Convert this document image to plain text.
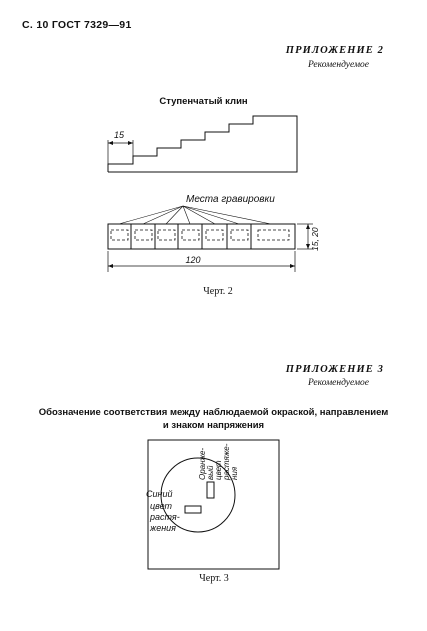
С. 10 ГОСТ 7329—91
ПРИЛОЖЕНИЕ 2
Рекомендуемое
Ступенчатый клин
15
Места гравировки
120
15, 20
Оранже- вый цвет растяже- ния
Синий
цвет
растя-
жения
Черт. 2
ПРИЛОЖЕНИЕ 3
Рекомендуемое
Обозначение соответствия между наблюдаемой окраской, направлением
и знаком напряжения
Черт. 3
